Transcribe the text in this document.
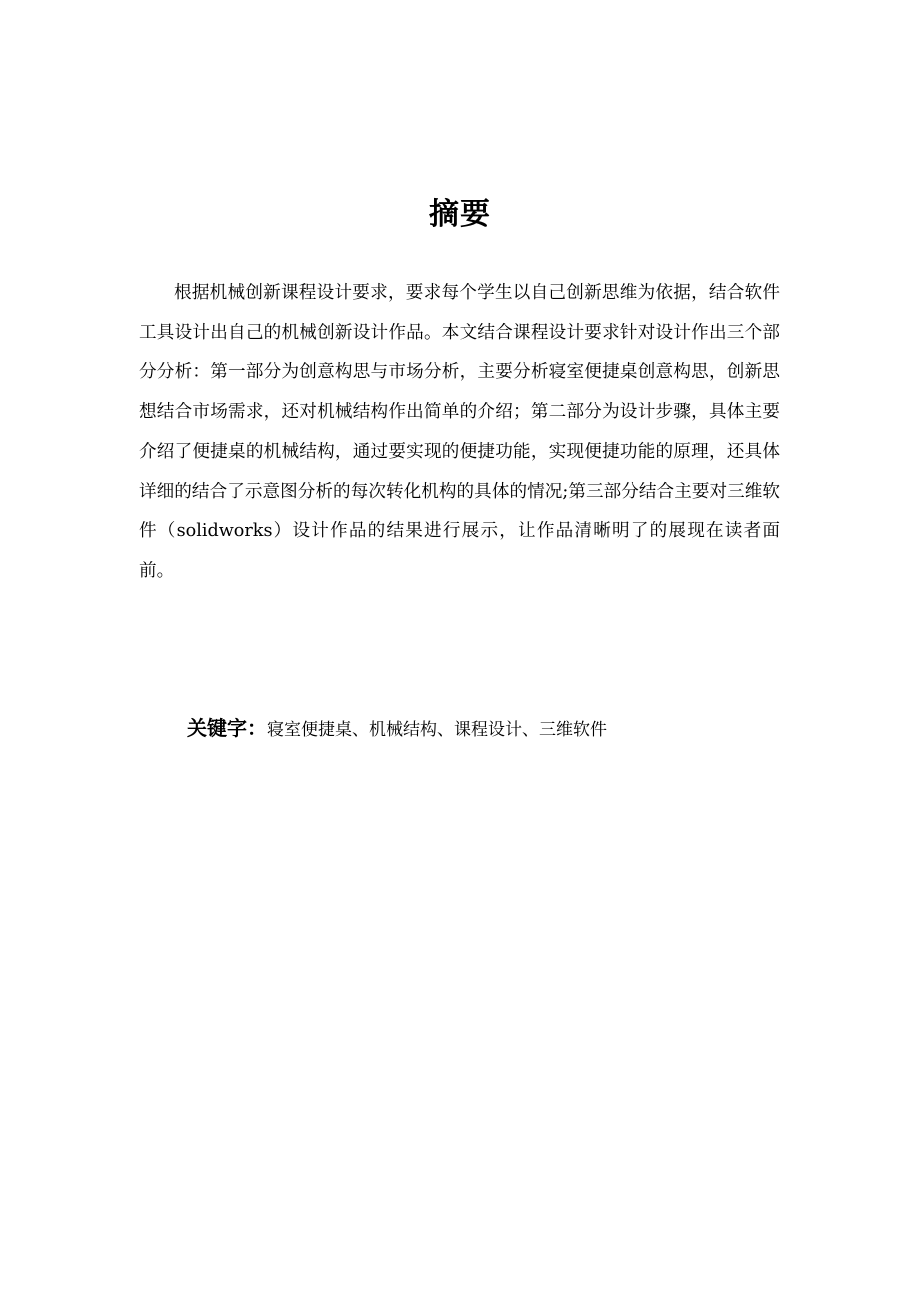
摘要

根据机械创新课程设计要求，要求每个学生以自己创新思维为依据，结合软件工具设计出自己的机械创新设计作品。本文结合课程设计要求针对设计作出三个部分分析：第一部分为创意构思与市场分析，主要分析寝室便捷桌创意构思，创新思想结合市场需求，还对机械结构作出简单的介绍；第二部分为设计步骤，具体主要介绍了便捷桌的机械结构，通过要实现的便捷功能，实现便捷功能的原理，还具体详细的结合了示意图分析的每次转化机构的具体的情况;第三部分结合主要对三维软件（solidworks）设计作品的结果进行展示，让作品清晰明了的展现在读者面前。

关键字：寝室便捷桌、机械结构、课程设计、三维软件
